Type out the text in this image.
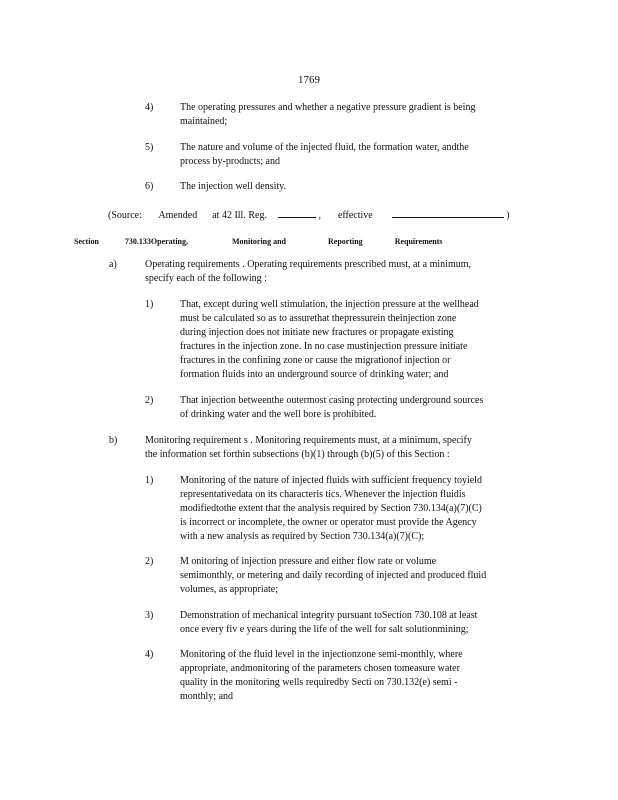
1769
4)	The operating pressures and whether a negative pressure gradient is being
maintained;
5)	The nature and volume of the injected fluid, the formation water, andthe
process by-products; and
6)	The injection well density.
(Source: Amended at 42 Ill. Reg.	, effective	)
Section	730.133Operating,	Monitoring and	Reporting	Requirements
a)	Operating requirements . Operating requirements prescribed must, at a minimum,
specify each of the following :
1)	That, except during well stimulation, the injection pressure at the wellhead
must be calculated so as to assurethat thepressurein theinjection zone
during injection does not initiate new fractures or propagate existing
fractures in the injection zone. In no case mustinjection pressure initiate
fractures in the confining zone or cause the migrationof injection or
formation fluids into an underground source of drinking water; and
2)	That injection betweenthe outermost casing protecting underground sources
of drinking water and the well bore is prohibited.
b)	Monitoring requirement s . Monitoring requirements must, at a minimum, specify
the information set forthin subsections (b)(1) through (b)(5) of this Section :
1)	Monitoring of the nature of injected fluids with sufficient frequency toyield
representativedata on its characteris tics. Whenever the injection fluidis
modifiedtothe extent that the analysis required by Section 730.134(a)(7)(C)
is incorrect or incomplete, the owner or operator must provide the Agency
with a new analysis as required by Section 730.134(a)(7)(C);
2)	M onitoring of injection pressure and either flow rate or volume
semimonthly, or metering and daily recording of injected and produced fluid
volumes, as appropriate;
3)	Demonstration of mechanical integrity pursuant toSection 730.108 at least
once every fiv e years during the life of the well for salt solutionmining;
4)	Monitoring of the fluid level in the injectionzone semi-monthly, where
appropriate, andmonitoring of the parameters chosen tomeasure water
quality in the monitoring wells requiredby Secti on 730.132(e) semi -
monthly; and
